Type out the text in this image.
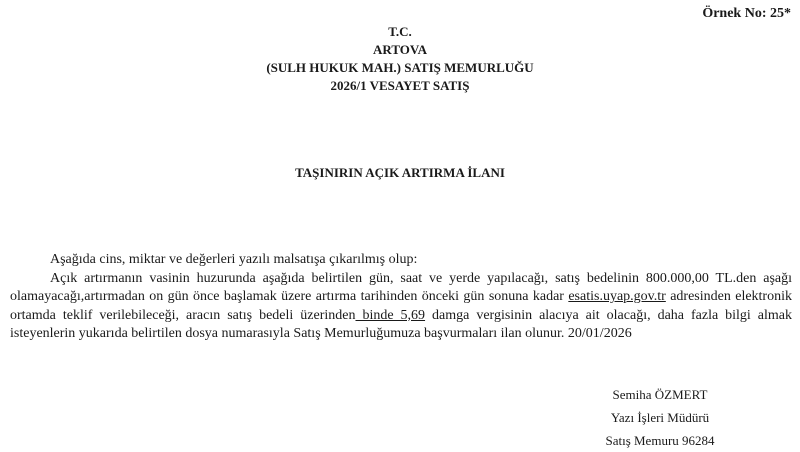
Örnek No: 25*
T.C.
ARTOVA
(SULH HUKUK MAH.) SATIŞ MEMURLUĞU
2026/1 VESAYET SATIŞ
TAŞINIRIN AÇIK ARTIRMA İLANI

Aşağıda cins, miktar ve değerleri yazılı malsatışa çıkarılmış olup:

Açık artırmanın vasinin huzurunda aşağıda belirtilen gün, saat ve yerde yapılacağı, satış bedelinin 800.000,00 TL.den aşağı olamayacağı,artırmadan on gün önce başlamak üzere artırma tarihinden önceki gün sonuna kadar esatis.uyap.gov.tr adresinden elektronik ortamda teklif verilebileceği, aracın satış bedeli üzerinden binde 5,69 damga vergisinin alacıya ait olacağı, daha fazla bilgi almak isteyenlerin yukarıda belirtilen dosya numarasıyla Satış Memurluğumuza başvurmaları ilan olunur. 20/01/2026

Semiha ÖZMERT
Yazı İşleri Müdürü
Satış Memuru 96284
